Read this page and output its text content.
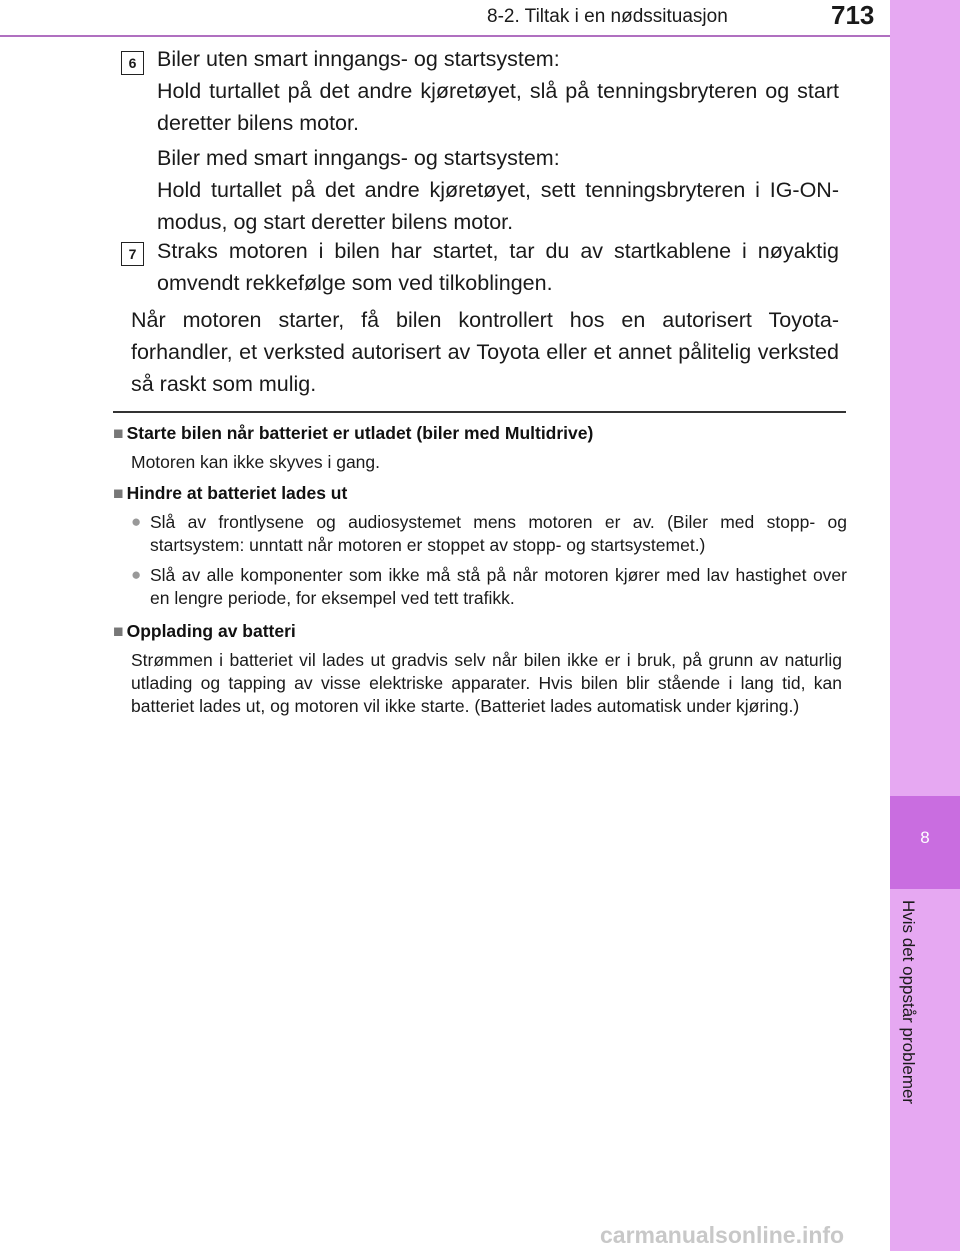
8-2. Tiltak i en nødssituasjon	713
8
Hvis det oppstår problemer
6 Biler uten smart inngangs- og startsystem:
Hold turtallet på det andre kjøretøyet, slå på tenningsbryteren og start deretter bilens motor.
Biler med smart inngangs- og startsystem:
Hold turtallet på det andre kjøretøyet, sett tenningsbryteren i IG-ON-modus, og start deretter bilens motor.
7 Straks motoren i bilen har startet, tar du av startkablene i nøyaktig omvendt rekkefølge som ved tilkoblingen.
Når motoren starter, få bilen kontrollert hos en autorisert Toyota-forhandler, et verksted autorisert av Toyota eller et annet pålitelig verksted så raskt som mulig.
■ Starte bilen når batteriet er utladet (biler med Multidrive)
Motoren kan ikke skyves i gang.
■ Hindre at batteriet lades ut
● Slå av frontlysene og audiosystemet mens motoren er av. (Biler med stopp- og startsystem: unntatt når motoren er stoppet av stopp- og startsystemet.)
● Slå av alle komponenter som ikke må stå på når motoren kjører med lav hastighet over en lengre periode, for eksempel ved tett trafikk.
■ Opplading av batteri
Strømmen i batteriet vil lades ut gradvis selv når bilen ikke er i bruk, på grunn av naturlig utlading og tapping av visse elektriske apparater. Hvis bilen blir stående i lang tid, kan batteriet lades ut, og motoren vil ikke starte. (Batteriet lades automatisk under kjøring.)
carmanualsonline.info
